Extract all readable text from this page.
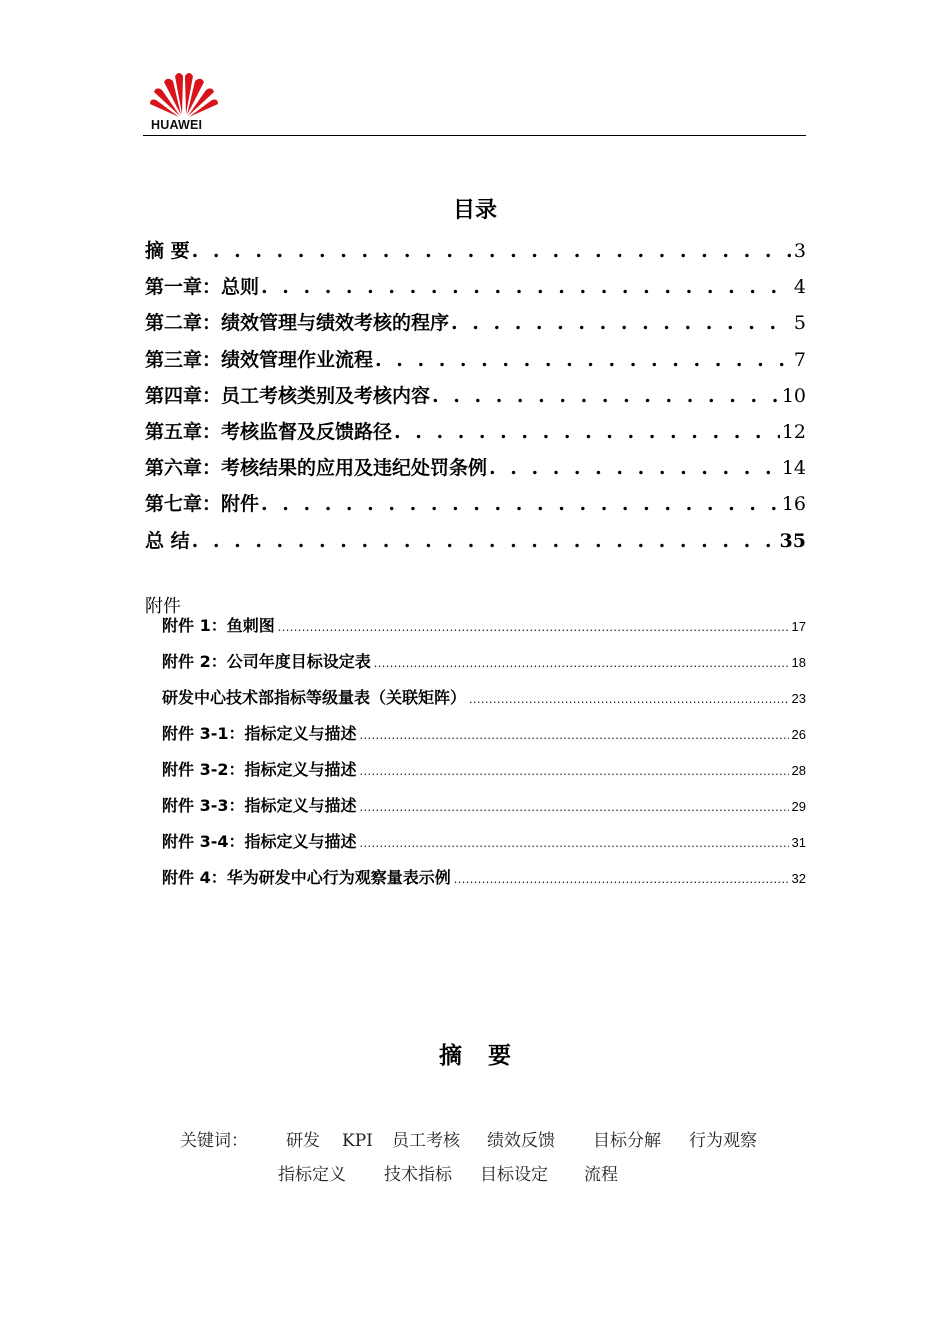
HUAWEI
目录
摘 要 . . .	3
第一章：总则 . . .	4
第二章：绩效管理与绩效考核的程序 . . .	5
第三章：绩效管理作业流程 . . .	7
第四章：员工考核类别及考核内容 . . .	10
第五章：考核监督及反馈路径 . . .	12
第六章：考核结果的应用及违纪处罚条例 . . .	14
第七章：附件 . . .	16
总 结 . . .	35
附件
附件 1：鱼刺图 .....	17
附件 2：公司年度目标设定表 .....	18
研发中心技术部指标等级量表（关联矩阵） .....	23
附件 3-1：指标定义与描述 .....	26
附件 3-2：指标定义与描述 .....	28
附件 3-3：指标定义与描述 .....	29
附件 3-4：指标定义与描述 .....	31
附件 4：华为研发中心行为观察量表示例 .....	32
摘要
关键词： 研发 KPI 员工考核 绩效反馈 目标分解 行为观察
指标定义 技术指标 目标设定 流程
